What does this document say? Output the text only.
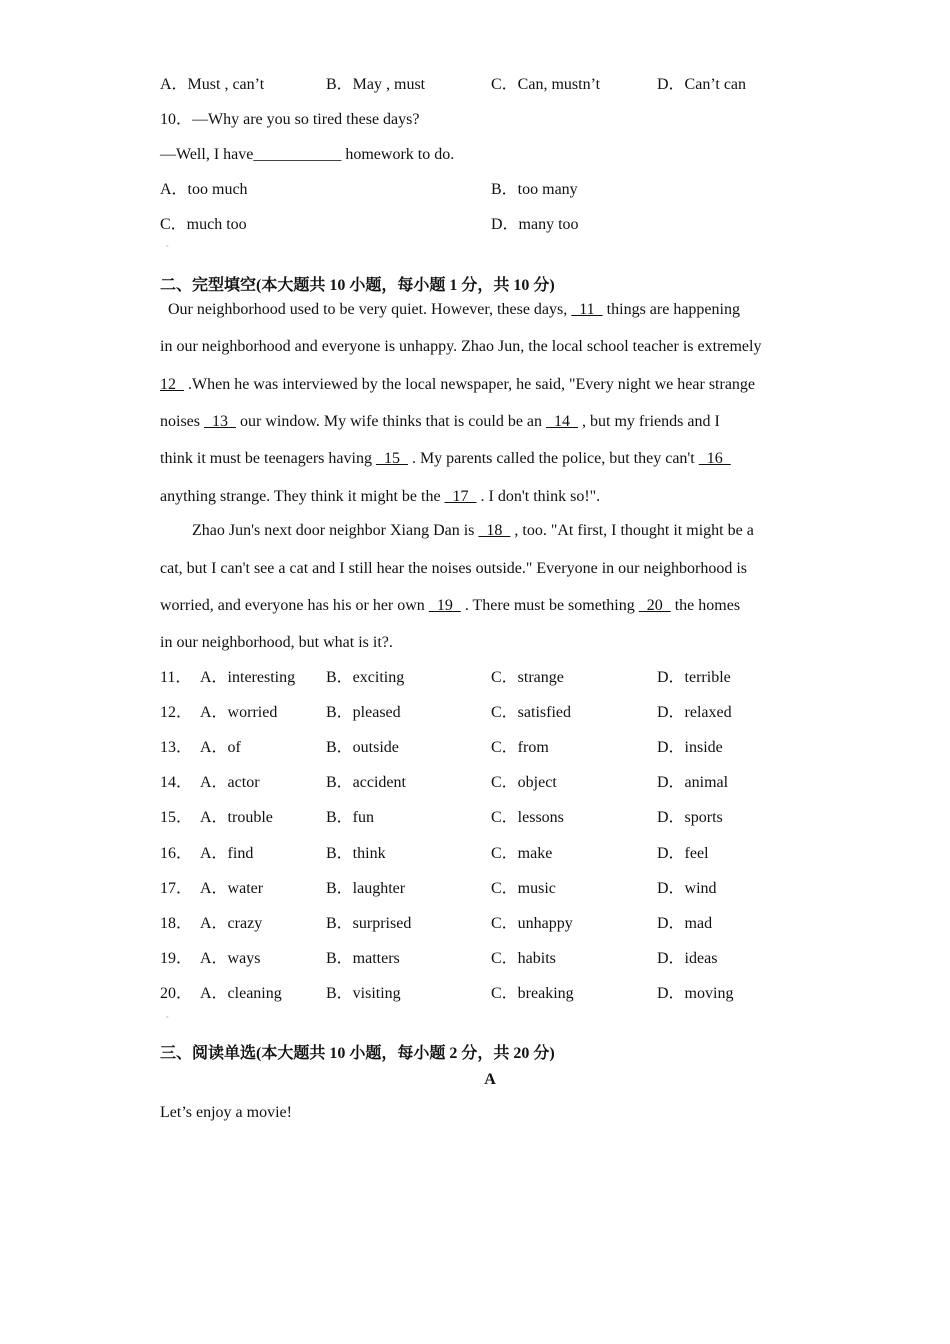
A．Must , can’t	B．May , must	C．Can, mustn’t	D．Can’t can
10．—Why are you so tired these days?
—Well, I have___________ homework to do.
A．too much	B．too many
C．much too	D．many too
◦
二、完型填空(本大题共 10 小题，每小题 1 分，共 10 分)
Our neighborhood used to be very quiet. However, these days,   11   things are happening
in our neighborhood and everyone is unhappy. Zhao Jun, the local school teacher is extremely
12   .When he was interviewed by the local newspaper, he said, "Every night we hear strange
noises   13   our window. My wife thinks that is could be an   14   , but my friends and I
think it must be teenagers having   15   . My parents called the police, but they can't   16
anything strange. They think it might be the   17   . I don't think so!".
Zhao Jun's next door neighbor Xiang Dan is   18   , too. "At first, I thought it might be a
cat, but I can't see a cat and I still hear the noises outside." Everyone in our neighborhood is
worried, and everyone has his or her own   19   . There must be something   20   the homes
in our neighborhood, but what is it?.
11． A．interesting B．exciting	C．strange	D．terrible
12． A．worried	B．pleased	C．satisfied	D．relaxed
13． A．of	B．outside	C．from	D．inside
14． A．actor	B．accident	C．object	D．animal
15． A．trouble	B．fun	C．lessons	D．sports
16． A．find	B．think	C．make	D．feel
17． A．water	B．laughter	C．music	D．wind
18． A．crazy	B．surprised	C．unhappy	D．mad
19． A．ways	B．matters	C．habits	D．ideas
20． A．cleaning	B．visiting	C．breaking	D．moving
◦
三、阅读单选(本大题共 10 小题，每小题 2 分，共 20 分)
A
Let’s enjoy a movie!
